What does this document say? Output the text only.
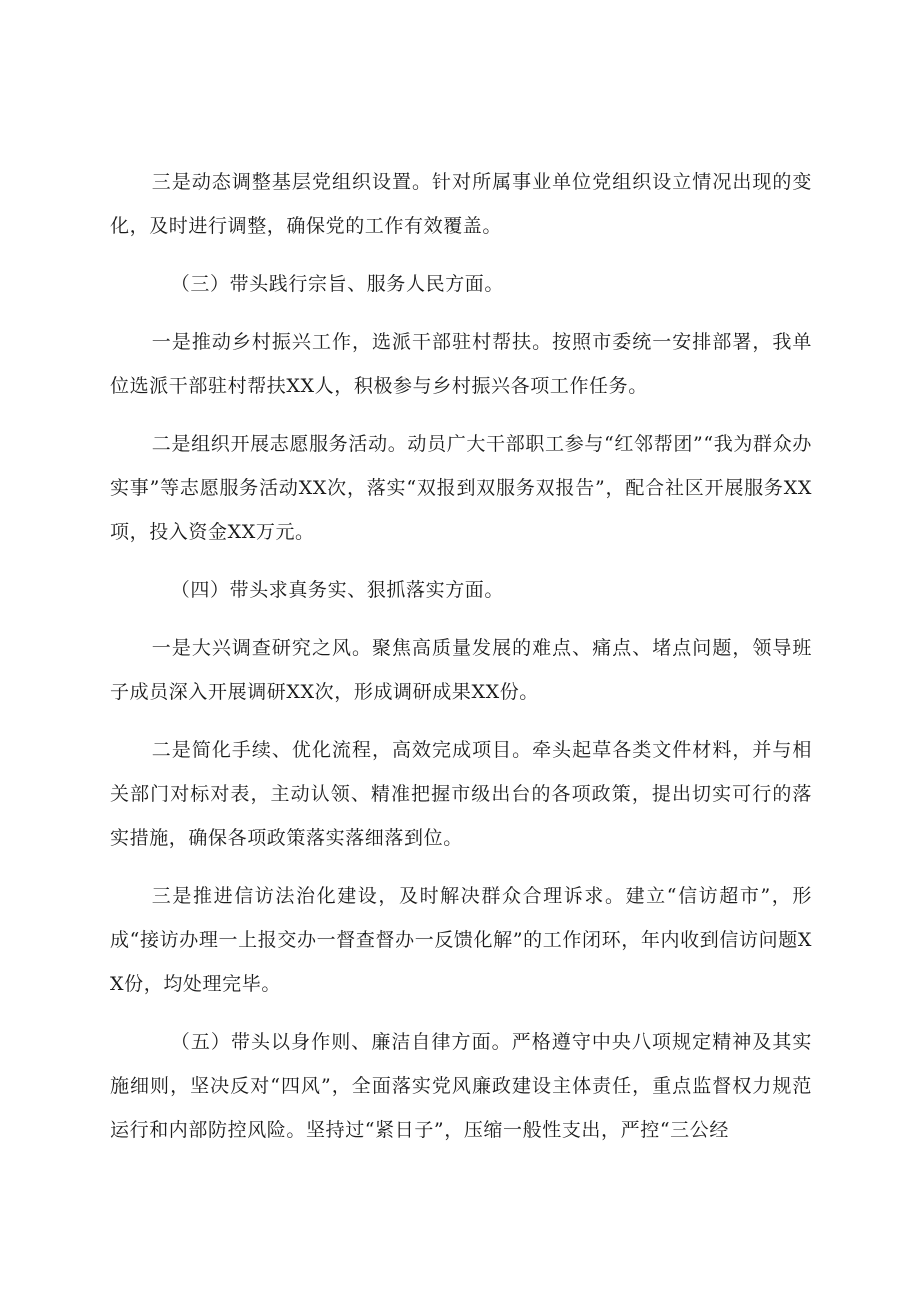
三是动态调整基层党组织设置。针对所属事业单位党组织设立情况出现的变化，及时进行调整，确保党的工作有效覆盖。

（三）带头践行宗旨、服务人民方面。

一是推动乡村振兴工作，选派干部驻村帮扶。按照市委统一安排部署，我单位选派干部驻村帮扶XX人，积极参与乡村振兴各项工作任务。

二是组织开展志愿服务活动。动员广大干部职工参与“红邻帮团”“我为群众办实事”等志愿服务活动XX次，落实“双报到双服务双报告”，配合社区开展服务XX项，投入资金XX万元。

（四）带头求真务实、狠抓落实方面。

一是大兴调查研究之风。聚焦高质量发展的难点、痛点、堵点问题，领导班子成员深入开展调研XX次，形成调研成果XX份。

二是简化手续、优化流程，高效完成项目。牵头起草各类文件材料，并与相关部门对标对表，主动认领、精准把握市级出台的各项政策，提出切实可行的落实措施，确保各项政策落实落细落到位。

三是推进信访法治化建设，及时解决群众合理诉求。建立“信访超市”，形成“接访办理一上报交办一督查督办一反馈化解”的工作闭环，年内收到信访问题XX份，均处理完毕。

（五）带头以身作则、廉洁自律方面。严格遵守中央八项规定精神及其实施细则，坚决反对“四风”，全面落实党风廉政建设主体责任，重点监督权力规范运行和内部防控风险。坚持过“紧日子”，压缩一般性支出，严控“三公经
